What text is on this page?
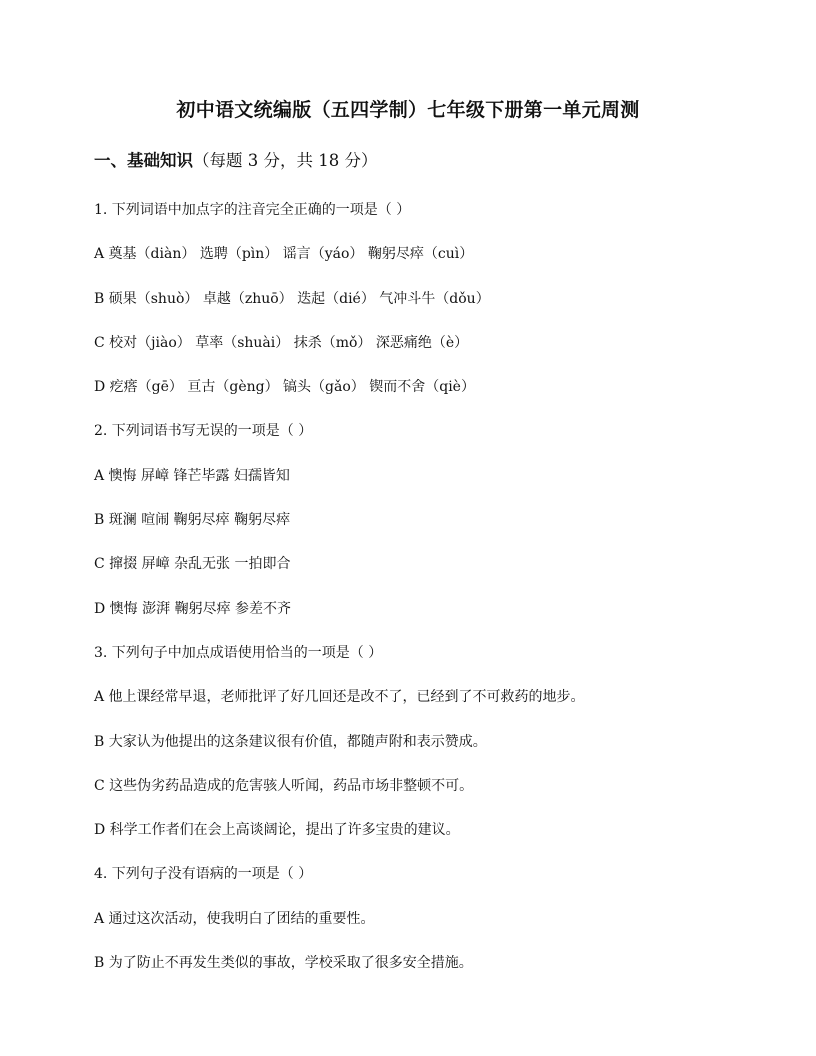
初中语文统编版（五四学制）七年级下册第一单元周测
一、基础知识（每题 3 分，共 18 分）
1. 下列词语中加点字的注音完全正确的一项是（ ）
A 奠基（diàn） 选聘（pìn） 谣言（yáo） 鞠躬尽瘁（cuì）
B 硕果（shuò） 卓越（zhuō） 迭起（dié） 气冲斗牛（dǒu）
C 校对（jiào） 草率（shuài） 抹杀（mǒ） 深恶痛绝（è）
D 疙瘩（gē） 亘古（gèng） 镐头（gǎo） 锲而不舍（qiè）
2. 下列词语书写无误的一项是（ ）
A 懊悔 屏嶂 锋芒毕露 妇孺皆知
B 斑澜 喧闹 鞠躬尽瘁 鞠躬尽瘁
C 撺掇 屏嶂 杂乱无张 一拍即合
D 懊悔 澎湃 鞠躬尽瘁 参差不齐
3. 下列句子中加点成语使用恰当的一项是（ ）
A 他上课经常早退，老师批评了好几回还是改不了，已经到了不可救药的地步。
B 大家认为他提出的这条建议很有价值，都随声附和表示赞成。
C 这些伪劣药品造成的危害骇人听闻，药品市场非整顿不可。
D 科学工作者们在会上高谈阔论，提出了许多宝贵的建议。
4. 下列句子没有语病的一项是（ ）
A 通过这次活动，使我明白了团结的重要性。
B 为了防止不再发生类似的事故，学校采取了很多安全措施。
